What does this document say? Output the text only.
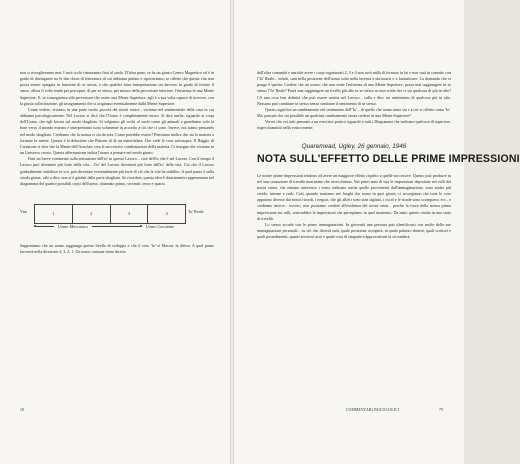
non si risveglieranno mai. I suoi occhi rimarranno fissi al suolo. D'altra parte, se ha un giusto Centro Magnetico ed è in grado di distinguere tra le due classi di letteratura di cui abbiamo parlato e riporteranno, se riflette che questa vita non possa essere spiegata in funzione di se stessa, e che qualche altra interpretazione sia davvero in grado di fornire il senso, allora il volto tenda per percepire, di per se stesso, per mezzo della percezione interiore, l'esistenza di una Mente Superiore. E, in conseguenza alla percezione che esiste una Mente Superiore, egli è a sua volta capace di ricevere, con la giusta sollecitazione, gli insegnamenti che si originano eventualmente dalla Mente Superiore.

Come vedete, viviamo in una parte molto piccola dei nostri centri... viviamo nel sentimentale della casa in cui abbiamo psicologicamente. Nel Lavoro si dice che l'Uomo è completamente errato. Si dice anche, riguardo ai corpi dell'Uomo, che egli lavora sul modo sbagliato. Si volgiamo gli occhi al suolo come gli animali e guardiamo solo la base verso il mondo esterno e interpretiamo tutto solamente in accordo a ciò che ci sono. Invece, noi siamo pensando nel modo sbagliato. Crediamo che la natura ci sia da sola. Come potrebbe essere? Pensiamo inoltre che sia la materia a formare la mente. Questa è la delusione che Platone di di un materialista. Che vede le cose sottosopra. Il Raggio di Creazione ci dice che la Mente dell'Assoluto crea le successive condensazioni della materia. Ci insegna che viviamo in un Universo creato. Questa affermazione indica l'uomo a pensare nel modo giusto.

Fatti un breve commento sulla sensazione dell'io' in questo Lavoro... cioè dell'io che è nel Lavoro. Con il tempo il Lavoro può diventare più forte della vita... l'io' del Lavoro diventerà più forte dell'io' della vita. Ciò che il Lavoro gradualmente stabilisce in voi, può diventare eventualmente più forte di ciò che la vita ha stabilito. A quel punto è sulla strada giusta, vale a dire, non si è guidati dalla parte sbagliata. Se ricordate, questa idea è chiaramente rappresentata nel diagramma del quattro possibili corpi dell'uomo, chiamato primo, secondo, terzo e quarto.

Vita	1	2	3	4	'Io' Reale
Uomo Meccanico	Uomo Cosciente

Supponiamo che un uomo raggiunga questo livello di sviluppo e che il vero 'Io' si Macon: la difesa. A quel punto lavorerà nella direzione 4, 3, 2, 1. Un uomo comune viene diretto

18

dall'altra comunità e anziché avere i corpi organizzati 2, 3 e 4 non avrà nulla di formato in lui e non sarà in contatto con l''Io' Reale... infatti, sarà nella posizione dell'uomo sotto nella taverna a ubriacarsi e a fantasticare. La domanda che vi pongo è questa: Credete che un uomo, che non sente l'esistenza di una Mente Superiore, possa mai raggiungere in se stesso l''Io' Reale? Potrà mai raggiungere un livello più alto in se stesso se non crede che ci sia qualcosa di più in alto? C'è una cosa ben definita che può essere sentita nel Lavoro... sulla e dire, un sentimento di qualcosa più in alto. Nessuno può cambiare se stesso senza cambiare il sentimento di se stesso.

Questo significa un cambiamento nel sentimento dell''Io'... di quello che uomo sente sia e a cui vi riflette come 'Io'. Ma, pensate che sia possibile un qualsiasi cambiamento senza credere in una Mente Superiore?

Vorrei che voi tutti pensaste a un esercizio pratico riguardo a tutti i Diagrammi che indicano qualcosa di superiore, rispecchiandoli nella vostra mente.

Quaremead, Ugley, 26 gennaio, 1946
NOTA SULL'EFFETTO DELLE PRIME IMPRESSIONI

Le nostre prime impressioni tendono ad avere un maggiore effetto rispetto a quelle successive. Questo può produrre in noi una sensazione di irrealtà man mano che invecchiamo. Nei primi anni di vita le impressioni depositate nei rulli dei nostri centri, che entrano attraverso i sensi, indicano anche quelle provenienti dall'immaginazione, sono molto più vivide, intense e reali. Così, quando torniamo nei luoghi che erano in quei giorni, ci accorgiamo che tutte le cose appaiono diverse dai nostri ricordi, i negozi, che gli alberi sono stati tagliati, i ricoli e le strade sono scomparse, ecc., e crediamo invece... ovvero, non possiamo credere all'evidenza dei nostri sensi... perché la forza della nostra prima impressione sui rulli, contraddice le impressioni che percepiamo in quel momento. Da tanto questo risulta in uno stato di irrealtà.

Lo stesso accade con le prime immaginazioni. In gioventù una persona può identificarsi con molte delle sue immaginazioni personali... su ciò che diverrà sarà, quale posizione occuperà, in quale palazzo abiterà, quali scrittori e quali possedimenti, quanti servitori avrà e quale cosa di simpatie e approvazione la circonderà.

COMMENTARI PSICOLOGICI	79
